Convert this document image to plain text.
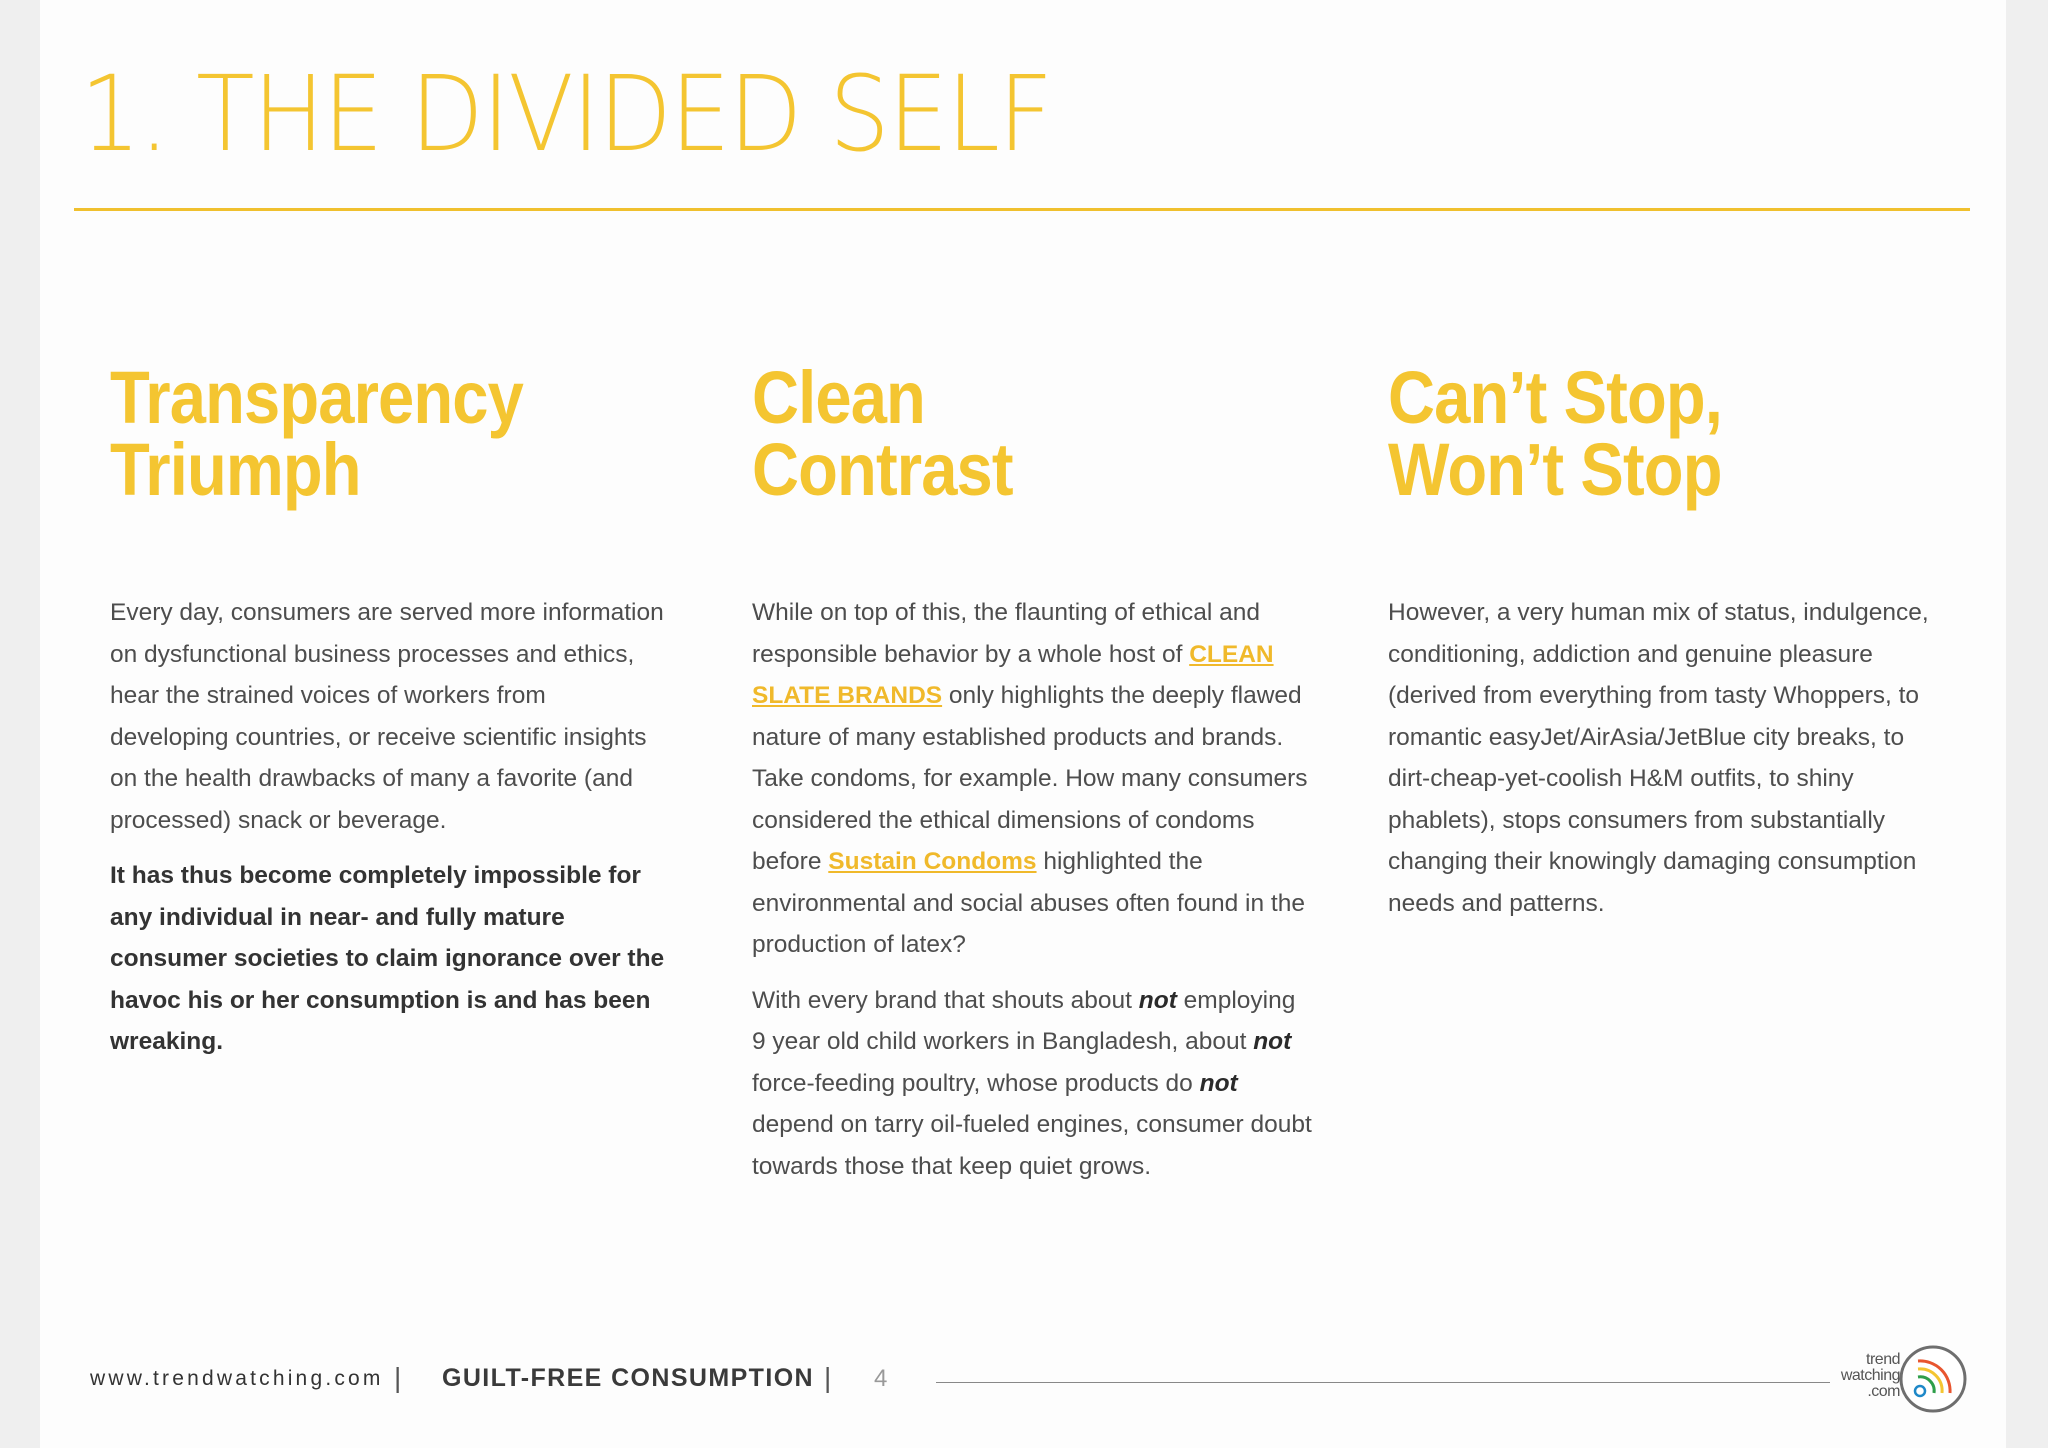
1. THE DIVIDED SELF
Transparency
Triumph

Every day, consumers are served more information on dysfunctional business processes and ethics, hear the strained voices of workers from developing countries, or receive scientific insights on the health drawbacks of many a favorite (and processed) snack or beverage.

It has thus become completely impossible for any individual in near- and fully mature consumer societies to claim ignorance over the havoc his or her consumption is and has been wreaking.

Clean
Contrast

While on top of this, the flaunting of ethical and responsible behavior by a whole host of CLEAN SLATE BRANDS only highlights the deeply flawed nature of many established products and brands. Take condoms, for example. How many consumers considered the ethical dimensions of condoms before Sustain Condoms highlighted the environmental and social abuses often found in the production of latex?

With every brand that shouts about not employing 9 year old child workers in Bangladesh, about not force-feeding poultry, whose products do not depend on tarry oil-fueled engines, consumer doubt towards those that keep quiet grows.

Can’t Stop,
Won’t Stop

However, a very human mix of status, indulgence, conditioning, addiction and genuine pleasure (derived from everything from tasty Whoppers, to romantic easyJet/AirAsia/JetBlue city breaks, to dirt-cheap-yet-coolish H&M outfits, to shiny phablets), stops consumers from substantially changing their knowingly damaging consumption needs and patterns.

www.trendwatching.com | GUILT-FREE CONSUMPTION | 4
trend
watching
.com
